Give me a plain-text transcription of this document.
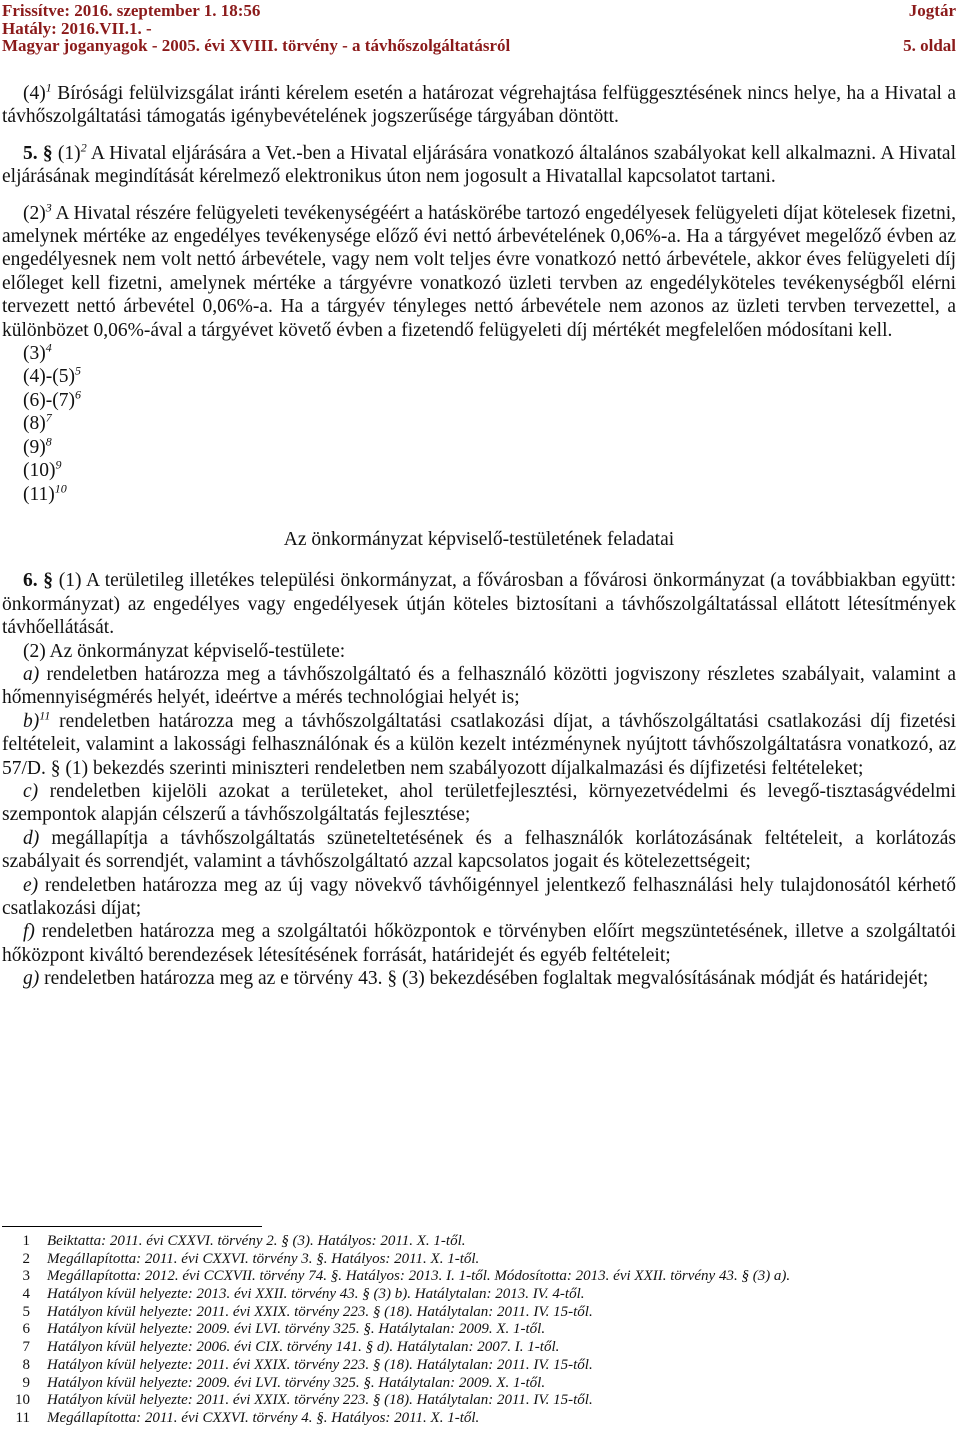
Frissítve: 2016. szeptember 1. 18:56
Hatály: 2016.VII.1. -
Magyar joganyagok - 2005. évi XVIII. törvény - a távhőszolgáltatásról
Jogtár
5. oldal

$(4)^1$ Bírósági felülvizsgálat iránti kérelem esetén a határozat végrehajtása felfüggesztésének nincs helye, ha a Hivatal a távhőszolgáltatási támogatás igénybevételének jogszerűsége tárgyában döntött.

5. § $(1)^2$ A Hivatal eljárására a Vet.-ben a Hivatal eljárására vonatkozó általános szabályokat kell alkalmazni. A Hivatal eljárásának megindítását kérelmező elektronikus úton nem jogosult a Hivatallal kapcsolatot tartani.

$(2)^3$ A Hivatal részére felügyeleti tevékenységéért a hatáskörébe tartozó engedélyesek felügyeleti díjat kötelesek fizetni, amelynek mértéke az engedélyes tevékenysége előző évi nettó árbevételének 0,06%-a. Ha a tárgyévet megelőző évben az engedélyesnek nem volt nettó árbevétele, vagy nem volt teljes évre vonatkozó nettó árbevétele, akkor éves felügyeleti díj előleget kell fizetni, amelynek mértéke a tárgyévre vonatkozó üzleti tervben az engedélyköteles tevékenységből elérni tervezett nettó árbevétel 0,06%-a. Ha a tárgyév tényleges nettó árbevétele nem azonos az üzleti tervben tervezettel, a különbözet 0,06%-ával a tárgyévet követő évben a fizetendő felügyeleti díj mértékét megfelelően módosítani kell.

$(3)^4$

$(4)-(5)^5$

$(6)-(7)^6$

$(8)^7$

$(9)^8$

$(10)^9$

$(11)^{10}$

Az önkormányzat képviselő-testületének feladatai

6. § (1) A területileg illetékes települési önkormányzat, a fővárosban a fővárosi önkormányzat (a továbbiakban együtt: önkormányzat) az engedélyes vagy engedélyesek útján köteles biztosítani a távhőszolgáltatással ellátott létesítmények távhőellátását.

(2) Az önkormányzat képviselő-testülete:

a) rendeletben határozza meg a távhőszolgáltató és a felhasználó közötti jogviszony részletes szabályait, valamint a hőmennyiségmérés helyét, ideértve a mérés technológiai helyét is;

b)$^{11}$ rendeletben határozza meg a távhőszolgáltatási csatlakozási díjat, a távhőszolgáltatási csatlakozási díj fizetési feltételeit, valamint a lakossági felhasználónak és a külön kezelt intézménynek nyújtott távhőszolgáltatásra vonatkozó, az 57/D. § (1) bekezdés szerinti miniszteri rendeletben nem szabályozott díjalkalmazási és díjfizetési feltételeket;

c) rendeletben kijelöli azokat a területeket, ahol területfejlesztési, környezetvédelmi és levegő-tisztaságvédelmi szempontok alapján célszerű a távhőszolgáltatás fejlesztése;

d) megállapítja a távhőszolgáltatás szüneteltetésének és a felhasználók korlátozásának feltételeit, a korlátozás szabályait és sorrendjét, valamint a távhőszolgáltató azzal kapcsolatos jogait és kötelezettségeit;

e) rendeletben határozza meg az új vagy növekvő távhőigénnyel jelentkező felhasználási hely tulajdonosától kérhető csatlakozási díjat;

f) rendeletben határozza meg a szolgáltatói hőközpontok e törvényben előírt megszüntetésének, illetve a szolgáltatói hőközpont kiváltó berendezések létesítésének forrását, határidejét és egyéb feltételeit;

g) rendeletben határozza meg az e törvény 43. § (3) bekezdésében foglaltak megvalósításának módját és határidejét;

1 Beiktatta: 2011. évi CXXVI. törvény 2. § (3). Hatályos: 2011. X. 1-től.
2 Megállapította: 2011. évi CXXVI. törvény 3. §. Hatályos: 2011. X. 1-től.
3 Megállapította: 2012. évi CCXVII. törvény 74. §. Hatályos: 2013. I. 1-től. Módosította: 2013. évi XXII. törvény 43. § (3) a).
4 Hatályon kívül helyezte: 2013. évi XXII. törvény 43. § (3) b). Hatálytalan: 2013. IV. 4-től.
5 Hatályon kívül helyezte: 2011. évi XXIX. törvény 223. § (18). Hatálytalan: 2011. IV. 15-től.
6 Hatályon kívül helyezte: 2009. évi LVI. törvény 325. §. Hatálytalan: 2009. X. 1-től.
7 Hatályon kívül helyezte: 2006. évi CIX. törvény 141. § d). Hatálytalan: 2007. I. 1-től.
8 Hatályon kívül helyezte: 2011. évi XXIX. törvény 223. § (18). Hatálytalan: 2011. IV. 15-től.
9 Hatályon kívül helyezte: 2009. évi LVI. törvény 325. §. Hatálytalan: 2009. X. 1-től.
10 Hatályon kívül helyezte: 2011. évi XXIX. törvény 223. § (18). Hatálytalan: 2011. IV. 15-től.
11 Megállapította: 2011. évi CXXVI. törvény 4. §. Hatályos: 2011. X. 1-től.
